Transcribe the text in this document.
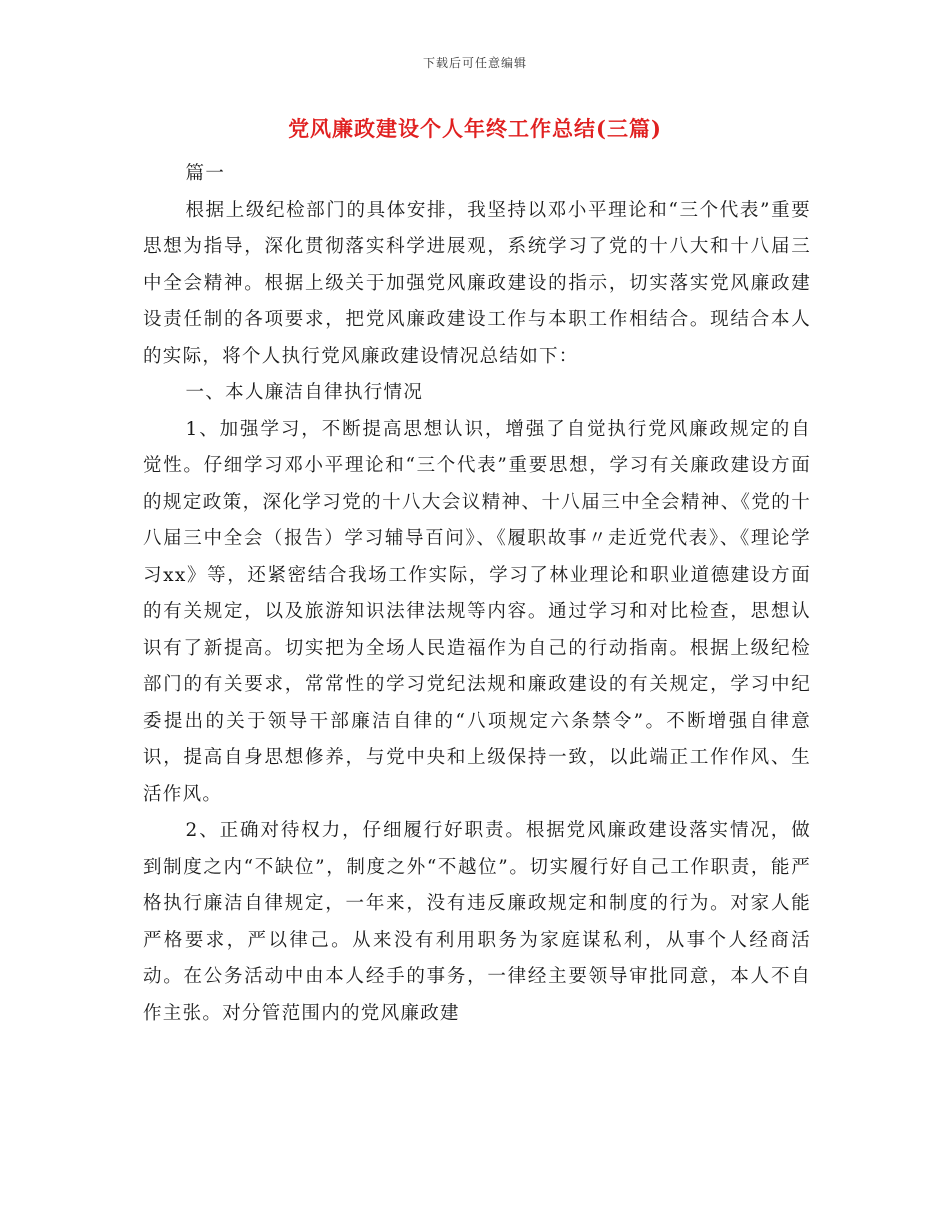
下载后可任意编辑
党风廉政建设个人年终工作总结(三篇)

篇一

根据上级纪检部门的具体安排，我坚持以邓小平理论和“三个代表”重要思想为指导，深化贯彻落实科学进展观，系统学习了党的十八大和十八届三中全会精神。根据上级关于加强党风廉政建设的指示，切实落实党风廉政建设责任制的各项要求，把党风廉政建设工作与本职工作相结合。现结合本人的实际，将个人执行党风廉政建设情况总结如下：

一、本人廉洁自律执行情况

1、加强学习，不断提高思想认识，增强了自觉执行党风廉政规定的自觉性。仔细学习邓小平理论和“三个代表”重要思想，学习有关廉政建设方面的规定政策，深化学习党的十八大会议精神、十八届三中全会精神、《党的十八届三中全会（报告）学习辅导百问》、《履职故事〃走近党代表》、《理论学习xx》等，还紧密结合我场工作实际，学习了林业理论和职业道德建设方面的有关规定，以及旅游知识法律法规等内容。通过学习和对比检查，思想认识有了新提高。切实把为全场人民造福作为自己的行动指南。根据上级纪检部门的有关要求，常常性的学习党纪法规和廉政建设的有关规定，学习中纪委提出的关于领导干部廉洁自律的“八项规定六条禁令”。不断增强自律意识，提高自身思想修养，与党中央和上级保持一致，以此端正工作作风、生活作风。

2、正确对待权力，仔细履行好职责。根据党风廉政建设落实情况，做到制度之内“不缺位”，制度之外“不越位”。切实履行好自己工作职责，能严格执行廉洁自律规定，一年来，没有违反廉政规定和制度的行为。对家人能严格要求，严以律己。从来没有利用职务为家庭谋私利，从事个人经商活动。在公务活动中由本人经手的事务，一律经主要领导审批同意，本人不自作主张。对分管范围内的党风廉政建
